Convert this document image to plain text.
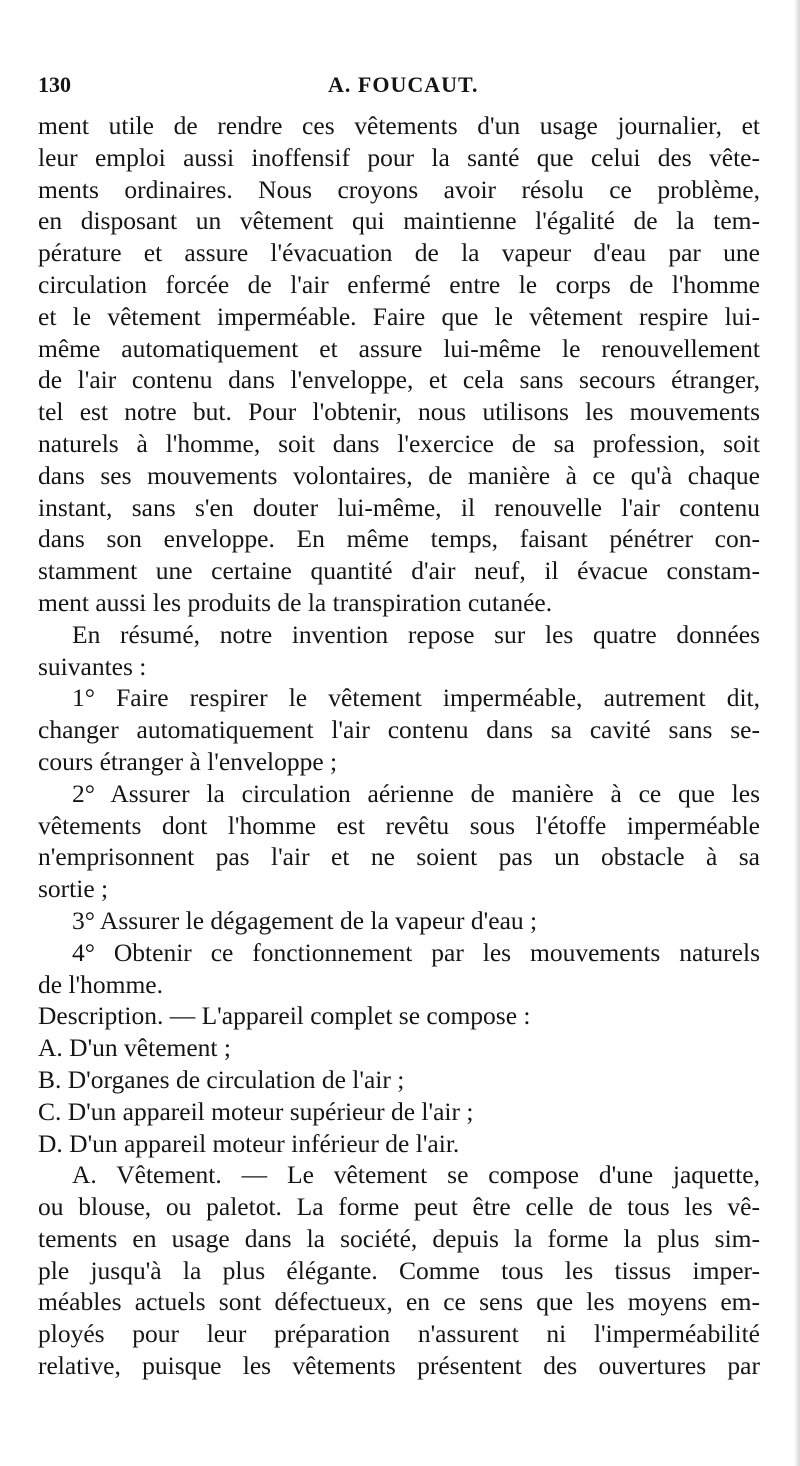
130	A. FOUCAUT.
ment utile de rendre ces vêtements d'un usage journalier, et
leur emploi aussi inoffensif pour la santé que celui des vête-
ments ordinaires. Nous croyons avoir résolu ce problème,
en disposant un vêtement qui maintienne l'égalité de la tem-
pérature et assure l'évacuation de la vapeur d'eau par une
circulation forcée de l'air enfermé entre le corps de l'homme
et le vêtement imperméable. Faire que le vêtement respire lui-
même automatiquement et assure lui-même le renouvellement
de l'air contenu dans l'enveloppe, et cela sans secours étranger,
tel est notre but. Pour l'obtenir, nous utilisons les mouvements
naturels à l'homme, soit dans l'exercice de sa profession, soit
dans ses mouvements volontaires, de manière à ce qu'à chaque
instant, sans s'en douter lui-même, il renouvelle l'air contenu
dans son enveloppe. En même temps, faisant pénétrer con-
stamment une certaine quantité d'air neuf, il évacue constam-
ment aussi les produits de la transpiration cutanée.
En résumé, notre invention repose sur les quatre données
suivantes :
1° Faire respirer le vêtement imperméable, autrement dit,
changer automatiquement l'air contenu dans sa cavité sans se-
cours étranger à l'enveloppe ;
2° Assurer la circulation aérienne de manière à ce que les
vêtements dont l'homme est revêtu sous l'étoffe imperméable
n'emprisonnent pas l'air et ne soient pas un obstacle à sa
sortie ;
3° Assurer le dégagement de la vapeur d'eau ;
4° Obtenir ce fonctionnement par les mouvements naturels
de l'homme.
Description. — L'appareil complet se compose :
A. D'un vêtement ;
B. D'organes de circulation de l'air ;
C. D'un appareil moteur supérieur de l'air ;
D. D'un appareil moteur inférieur de l'air.
A. Vêtement. — Le vêtement se compose d'une jaquette,
ou blouse, ou paletot. La forme peut être celle de tous les vê-
tements en usage dans la société, depuis la forme la plus sim-
ple jusqu'à la plus élégante. Comme tous les tissus imper-
méables actuels sont défectueux, en ce sens que les moyens em-
ployés pour leur préparation n'assurent ni l'imperméabilité
relative, puisque les vêtements présentent des ouvertures par
